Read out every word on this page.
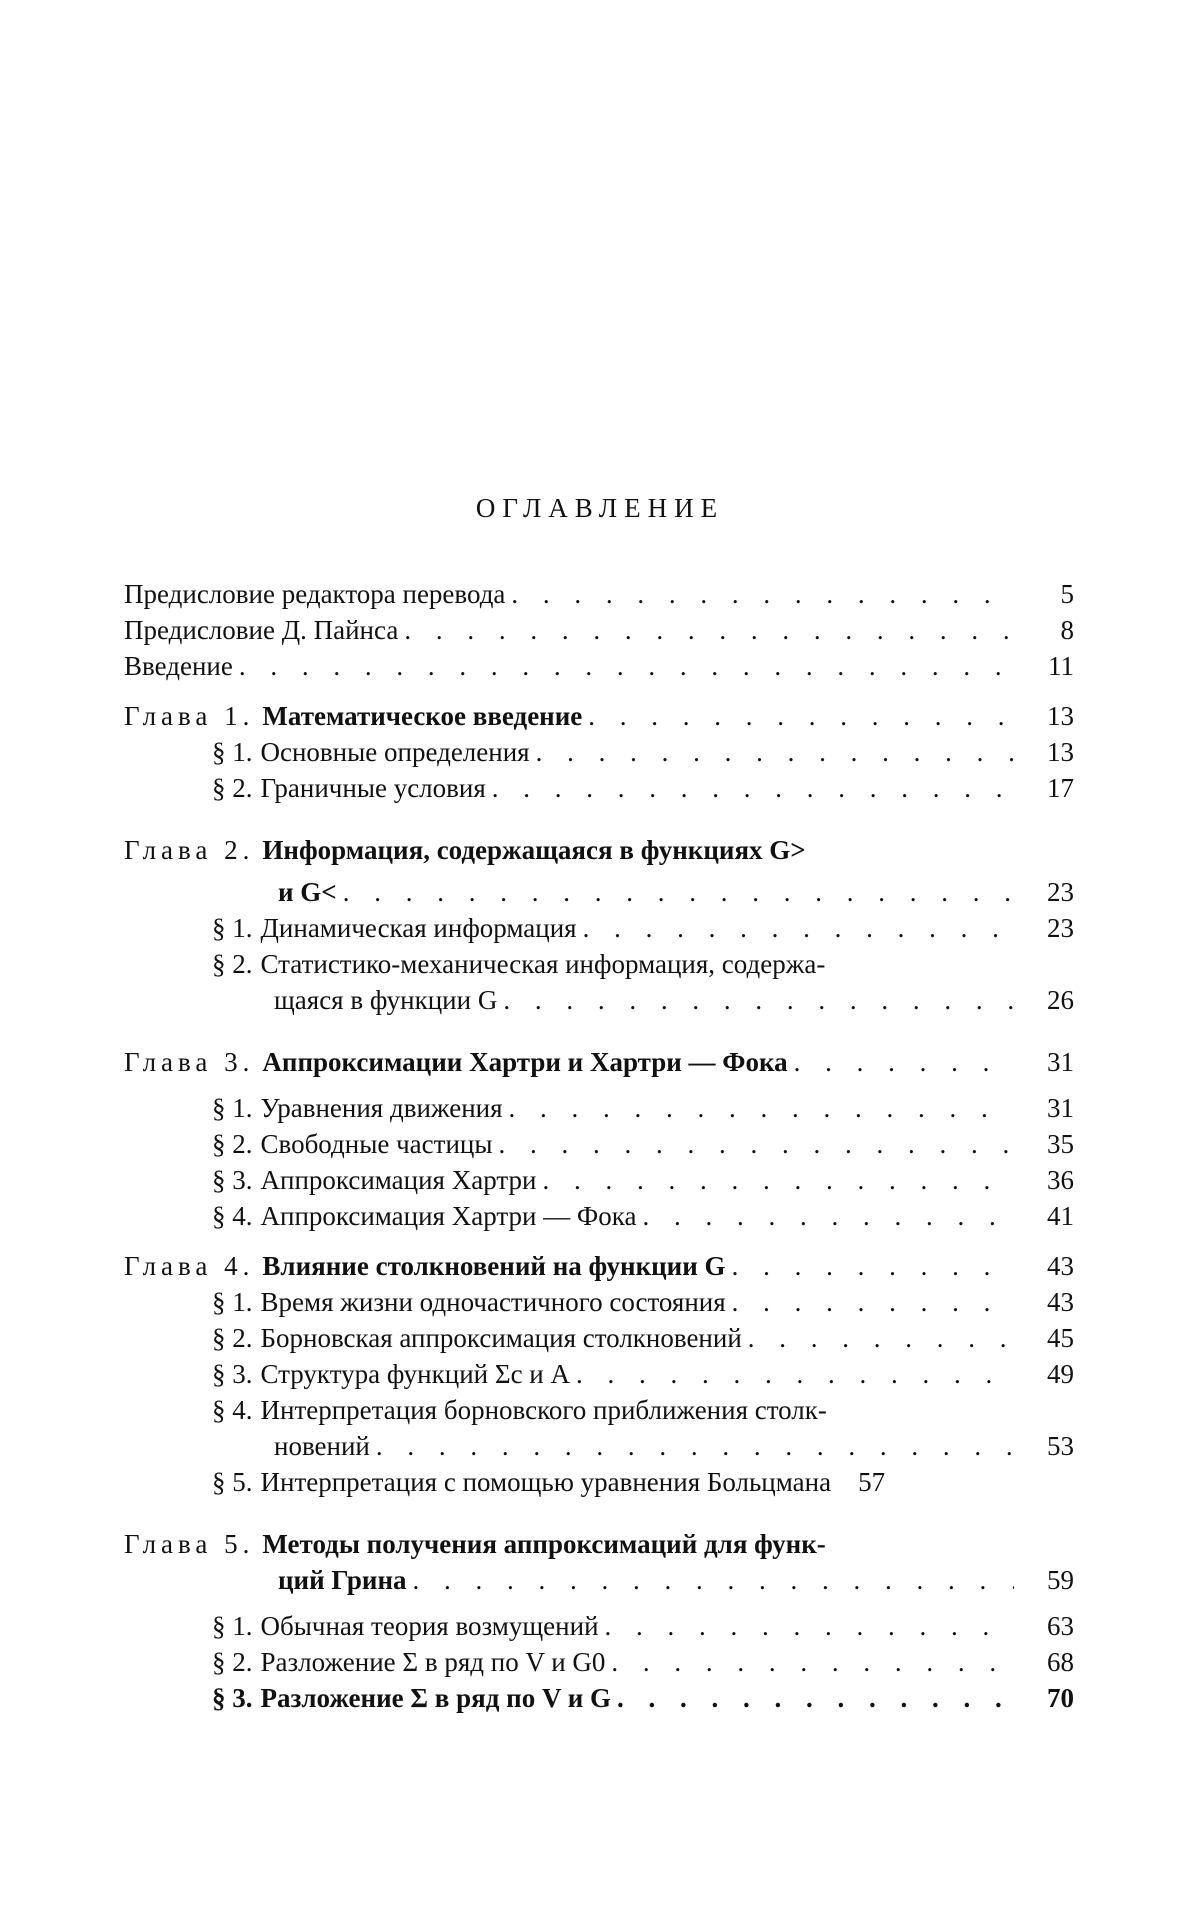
ОГЛАВЛЕНИЕ
Предисловие редактора перевода . . .	5
Предисловие Д. Пайнса . . .	8
Введение . . .	11
Глава 1. Математическое введение . . .	13
§ 1. Основные определения . . .	13
§ 2. Граничные условия . . .	17
Глава 2. Информация, содержащаяся в функциях G>
и G< . . .	23
§ 1. Динамическая информация . . .	23
§ 2. Статистико-механическая информация, содержа-
щаяся в функции G . . .	26
Глава 3. Аппроксимации Хартри и Хартри — Фока . . .	31
§ 1. Уравнения движения . . .	31
§ 2. Свободные частицы . . .	35
§ 3. Аппроксимация Хартри . . .	36
§ 4. Аппроксимация Хартри — Фока . . .	41
Глава 4. Влияние столкновений на функции G . . .	43
§ 1. Время жизни одночастичного состояния . . .	43
§ 2. Борновская аппроксимация столкновений . . .	45
§ 3. Структура функций Σc и A . . .	49
§ 4. Интерпретация борновского приближения столк-
новений . . .	53
§ 5. Интерпретация с помощью уравнения Больцмана	57
Глава 5. Методы получения аппроксимаций для функ-
ций Грина . . .	59
§ 1. Обычная теория возмущений . . .	63
§ 2. Разложение Σ в ряд по V и G0 . . .	68
§ 3. Разложение Σ в ряд по V и G . . .	70
